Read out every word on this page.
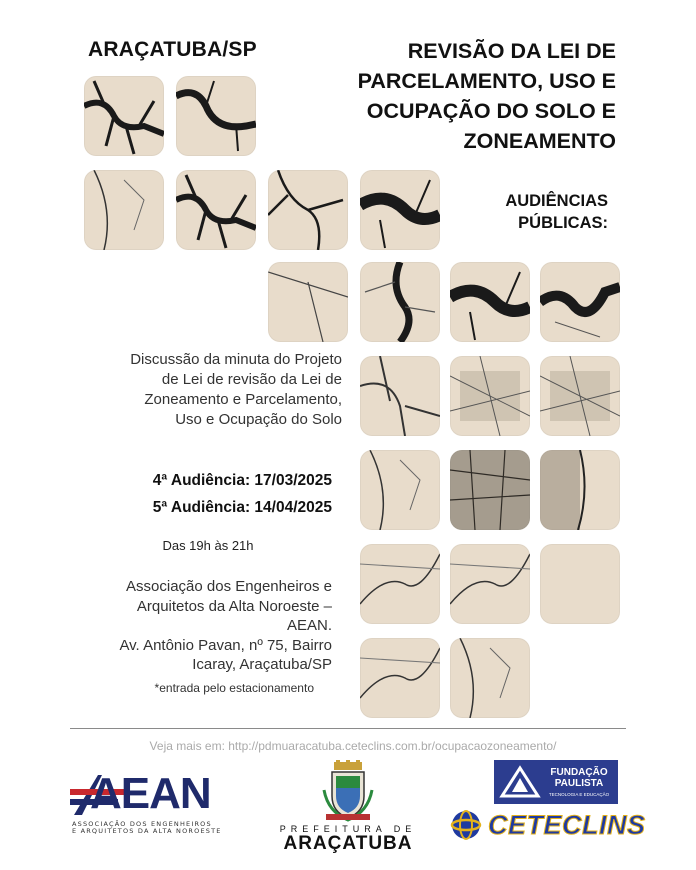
ARAÇATUBA/SP	REVISÃO DA LEI DE
PARCELAMENTO, USO E
OCUPAÇÃO DO SOLO E
ZONEAMENTO
AUDIÊNCIAS
PÚBLICAS:
Discussão da minuta do Projeto
de Lei de revisão da Lei de
Zoneamento e Parcelamento,
Uso e Ocupação do Solo
4ª Audiência: 17/03/2025
5ª Audiência: 14/04/2025
Das 19h às 21h
Associação dos Engenheiros e
Arquitetos da Alta Noroeste –
AEAN.
Av. Antônio Pavan, nº 75, Bairro
Icaray, Araçatuba/SP
*entrada pelo estacionamento
Veja mais em: http://pdmuaracatuba.ceteclins.com.br/ocupacaozoneamento/
AEAN
ASSOCIAÇÃO DOS ENGENHEIROS
E ARQUITETOS DA ALTA NOROESTE	PREFEITURA DE
ARAÇATUBA
FUNDAÇÃO
PAULISTA
TECNOLOGIA E EDUCAÇÃO
CETECLINS
